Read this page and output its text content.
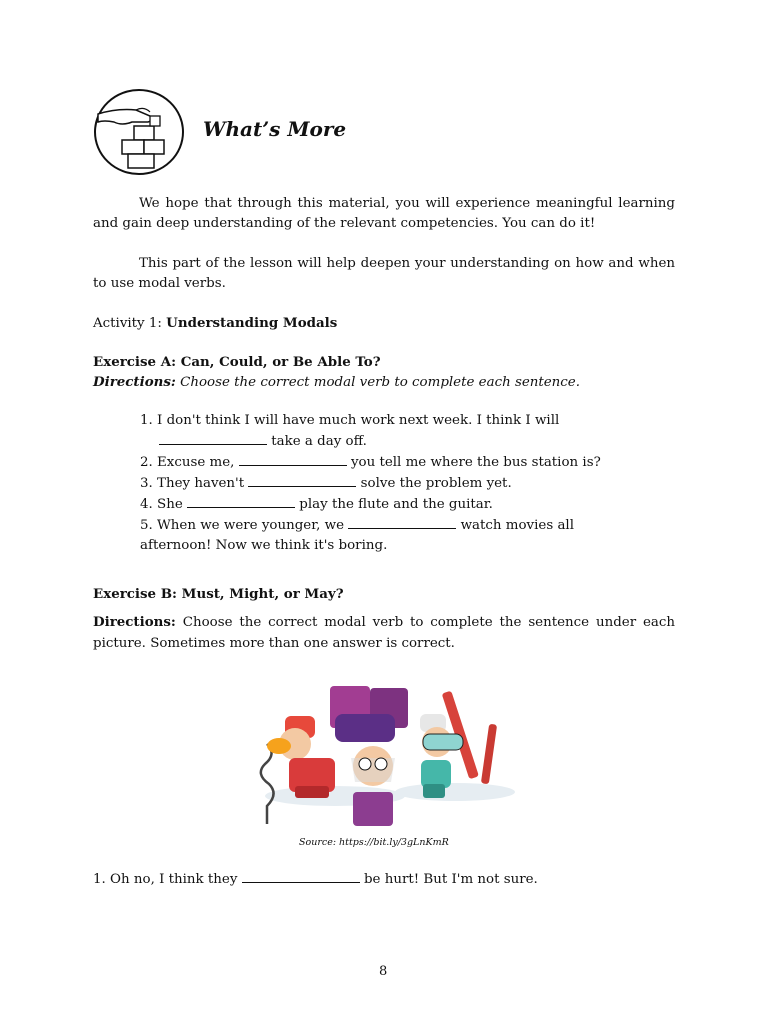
What’s More
We hope that through this material, you will experience meaningful learning and gain deep understanding of the relevant competencies. You can do it!
This part of the lesson will help deepen your understanding on how and when to use modal verbs.
Activity 1: Understanding Modals
Exercise A: Can, Could, or Be Able To?
Directions: Choose the correct modal verb to complete each sentence.
1. I don't think I will have much work next week. I think I will
take a day off.
2. Excuse me,	you tell me where the bus station is?
3. They haven't	solve the problem yet.
4. She	play the flute and the guitar.
5. When we were younger, we	watch movies all
afternoon! Now we think it's boring.
Exercise B: Must, Might, or May?
Directions: Choose the correct modal verb to complete the sentence under each picture. Sometimes more than one answer is correct.
Source: https://bit.ly/3gLnKmR
1. Oh no, I think they	be hurt! But I'm not sure.
8
